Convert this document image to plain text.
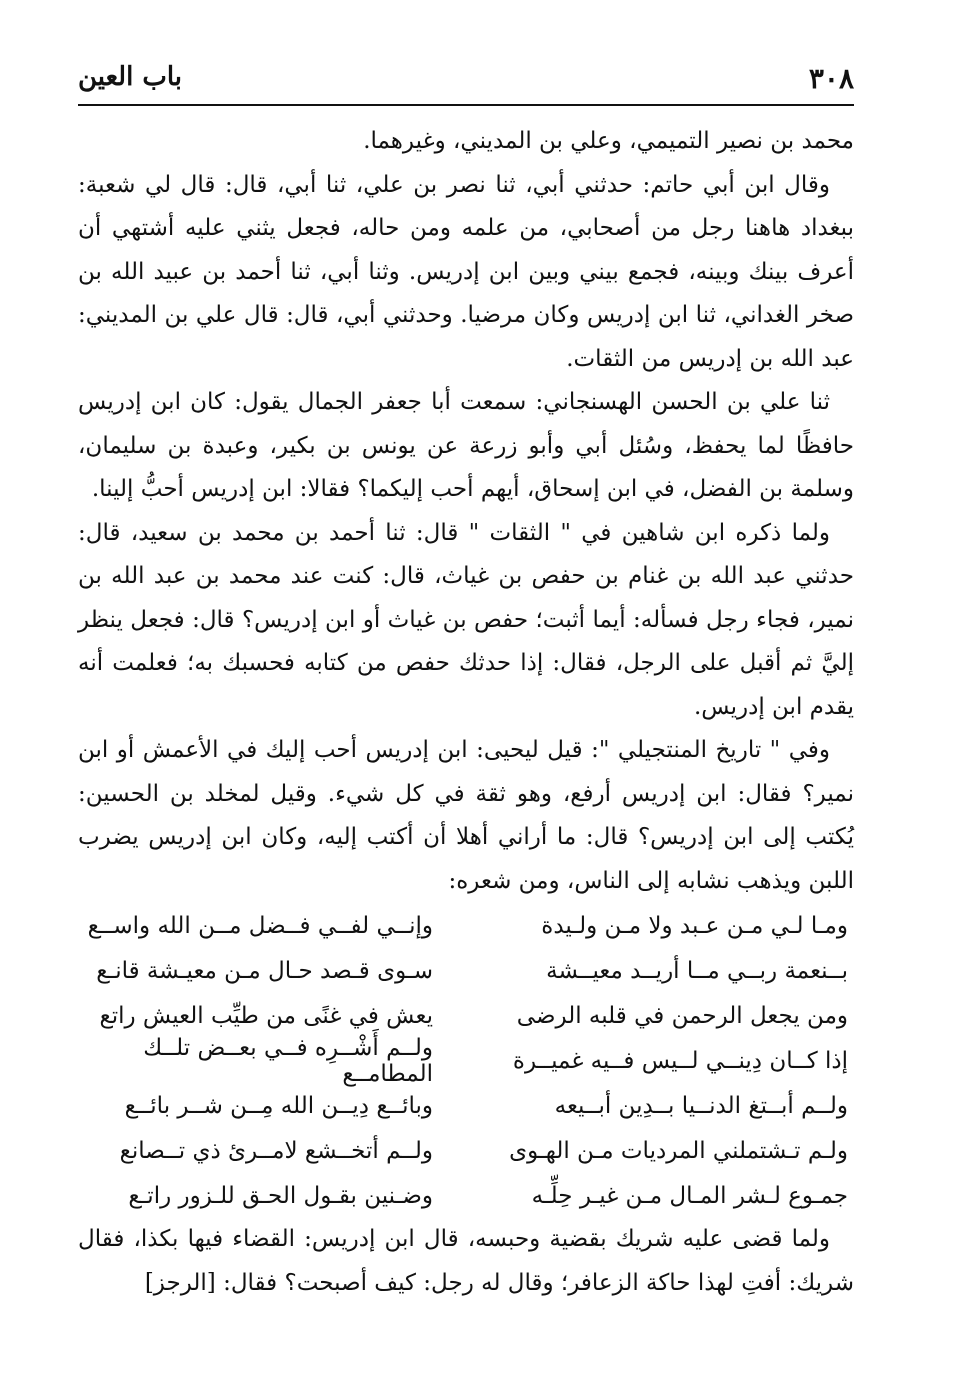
٣٠٨
باب العين

محمد بن نصير التميمي، وعلي بن المديني، وغيرهما.

وقال ابن أبي حاتم: حدثني أبي، ثنا نصر بن علي، ثنا أبي، قال: قال لي شعبة: ببغداد هاهنا رجل من أصحابي، من علمه ومن حاله، فجعل يثني عليه أشتهي أن أعرف بينك وبينه، فجمع بيني وبين ابن إدريس. وثنا أبي، ثنا أحمد بن عبيد الله بن صخر الغداني، ثنا ابن إدريس وكان مرضيا. وحدثني أبي، قال: قال علي بن المديني: عبد الله بن إدريس من الثقات.

ثنا علي بن الحسن الهسنجاني: سمعت أبا جعفر الجمال يقول: كان ابن إدريس حافظًا لما يحفظ، وسُئل أبي وأبو زرعة عن يونس بن بكير، وعبدة بن سليمان، وسلمة بن الفضل، في ابن إسحاق، أيهم أحب إليكما؟ فقالا: ابن إدريس أحبُّ إلينا.

ولما ذكره ابن شاهين في " الثقات " قال: ثنا أحمد بن محمد بن سعيد، قال: حدثني عبد الله بن غنام بن حفص بن غياث، قال: كنت عند محمد بن عبد الله بن نمير، فجاء رجل فسأله: أيما أثبت؛ حفص بن غياث أو ابن إدريس؟ قال: فجعل ينظر إليَّ ثم أقبل على الرجل، فقال: إذا حدثك حفص من كتابه فحسبك به؛ فعلمت أنه يقدم ابن إدريس.

وفي " تاريخ المنتجيلي ": قيل ليحيى: ابن إدريس أحب إليك في الأعمش أو ابن نمير؟ فقال: ابن إدريس أرفع، وهو ثقة في كل شيء. وقيل لمخلد بن الحسين: يُكتب إلى ابن إدريس؟ قال: ما أراني أهلا أن أكتب إليه، وكان ابن إدريس يضرب اللبن ويذهب نشابه إلى الناس، ومن شعره:

ومـا لـي مـن عـبد ولا مـن ولـيدة
وإنــي لفــي فــضل مــن الله واســع
بــنعمة ربــي مــا أريــد معيــشة
سـوى قـصد حـال مـن معيـشة قانـع
ومن يجعل الرحمن في قلبه الرضى
يعش في غنًى من طيِّب العيش راتع
إذا كــان دِينــي لــيس فــيه غميــرة
ولــم أَشْــرِه فــي بعــض تلــك المطامــع
ولــم أبــتغ الدنــيا بــدِين أبــيعه
وبائــع دِيــن الله مِــن شــر بائــع
ولـم تـشتملني المرديات مـن الهـوى
ولــم أتخــشع لامــرئ ذي تــصانع
جمـوع لـشر المـال مـن غيـر حِلِّـه
وضـنين بقـول الحـق للـزور راتـع

ولما قضى عليه شريك بقضية وحبسه، قال ابن إدريس: القضاء فيها بكذا، فقال شريك: أفتِ لهذا حاكة الزعافر؛ وقال له رجل: كيف أصبحت؟ فقال: [الرجز]
